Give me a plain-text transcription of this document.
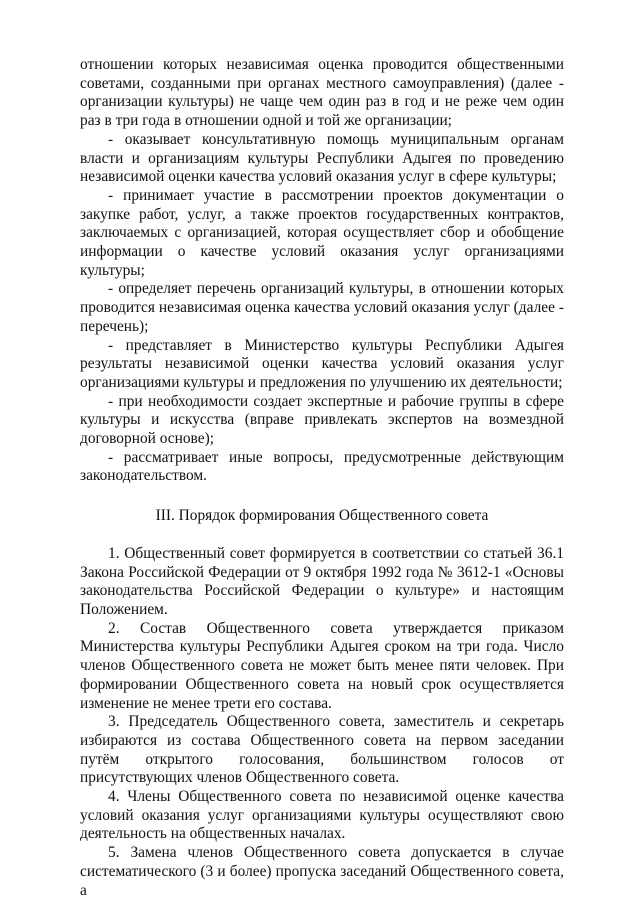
отношении которых независимая оценка проводится общественными советами, созданными при органах местного самоуправления) (далее - организации культуры) не чаще чем один раз в год и не реже чем один раз в три года в отношении одной и той же организации;

- оказывает консультативную помощь муниципальным органам власти и организациям культуры Республики Адыгея по проведению независимой оценки качества условий оказания услуг в сфере культуры;

- принимает участие в рассмотрении проектов документации о закупке работ, услуг, а также проектов государственных контрактов, заключаемых с организацией, которая осуществляет сбор и обобщение информации о качестве условий оказания услуг организациями культуры;

- определяет перечень организаций культуры, в отношении которых проводится независимая оценка качества условий оказания услуг (далее - перечень);

- представляет в Министерство культуры Республики Адыгея результаты независимой оценки качества условий оказания услуг организациями культуры и предложения по улучшению их деятельности;

- при необходимости создает экспертные и рабочие группы в сфере культуры и искусства (вправе привлекать экспертов на возмездной договорной основе);

- рассматривает иные вопросы, предусмотренные действующим законодательством.

III. Порядок формирования Общественного совета

1. Общественный совет формируется в соответствии со статьей 36.1 Закона Российской Федерации от 9 октября 1992 года № 3612-1 «Основы законодательства Российской Федерации о культуре» и настоящим Положением.

2. Состав Общественного совета утверждается приказом Министерства культуры Республики Адыгея сроком на три года. Число членов Общественного совета не может быть менее пяти человек. При формировании Общественного совета на новый срок осуществляется изменение не менее трети его состава.

3. Председатель Общественного совета, заместитель и секретарь избираются из состава Общественного совета на первом заседании путём открытого голосования, большинством голосов от присутствующих членов Общественного совета.

4. Члены Общественного совета по независимой оценке качества условий оказания услуг организациями культуры осуществляют свою деятельность на общественных началах.

5. Замена членов Общественного совета допускается в случае систематического (3 и более) пропуска заседаний Общественного совета, а
